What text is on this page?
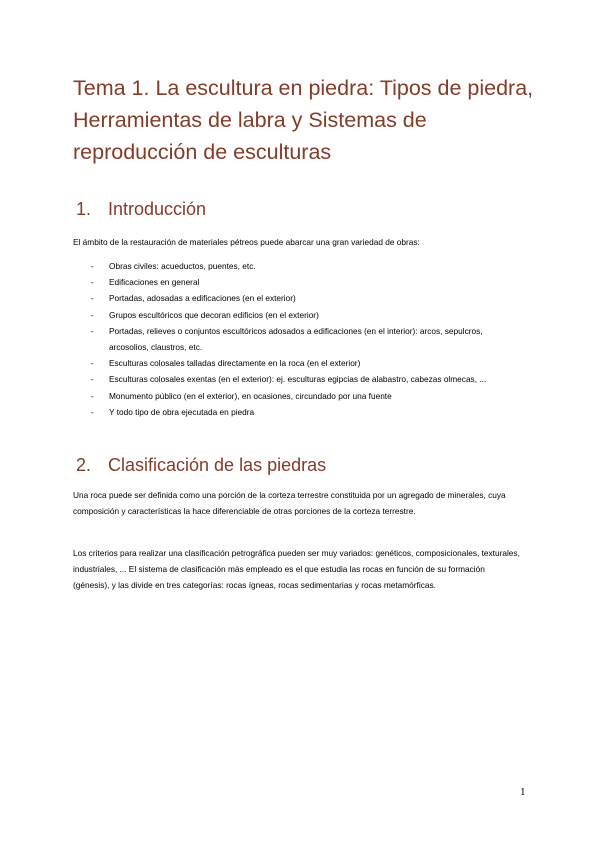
Tema 1. La escultura en piedra: Tipos de piedra, Herramientas de labra y Sistemas de reproducción de esculturas
1. Introducción

El ámbito de la restauración de materiales pétreos puede abarcar una gran variedad de obras:

- Obras civiles: acueductos, puentes, etc.
- Edificaciones en general
- Portadas, adosadas a edificaciones (en el exterior)
- Grupos escultóricos que decoran edificios (en el exterior)
- Portadas, relieves o conjuntos escultóricos adosados a edificaciones (en el interior): arcos, sepulcros, arcosolios, claustros, etc.
- Esculturas colosales talladas directamente en la roca (en el exterior)
- Esculturas colosales exentas (en el exterior): ej. esculturas egipcias de alabastro, cabezas olmecas, ...
- Monumento público (en el exterior), en ocasiones, circundado por una fuente
- Y todo tipo de obra ejecutada en piedra
2. Clasificación de las piedras

Una roca puede ser definida como una porción de la corteza terrestre constituida por un agregado de minerales, cuya composición y características la hace diferenciable de otras porciones de la corteza terrestre.

Los criterios para realizar una clasificación petrográfica pueden ser muy variados: genéticos, composicionales, texturales, industriales, ... El sistema de clasificación más empleado es el que estudia las rocas en función de su formación (génesis), y las divide en tres categorías: rocas ígneas, rocas sedimentarias y rocas metamórficas.

1
